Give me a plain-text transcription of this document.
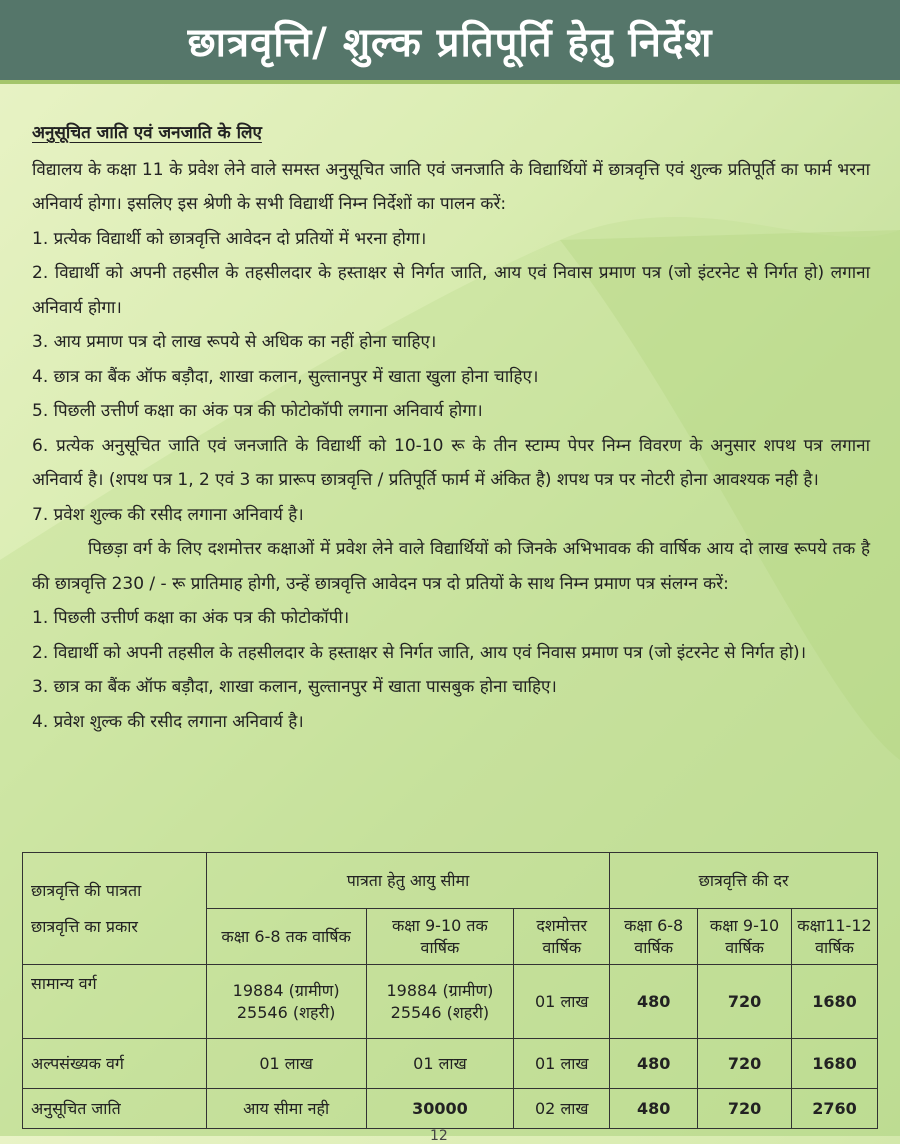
छात्रवृत्ति/ शुल्क प्रतिपूर्ति हेतु निर्देश

अनुसूचित जाति एवं जनजाति के लिए

विद्यालय के कक्षा 11 के प्रवेश लेने वाले समस्त अनुसूचित जाति एवं जनजाति के विद्यार्थियों में छात्रवृत्ति एवं शुल्क प्रतिपूर्ति का फार्म भरना अनिवार्य होगा। इसलिए इस श्रेणी के सभी विद्यार्थी निम्न निर्देशों का पालन करें:

1. प्रत्येक विद्यार्थी को छात्रवृत्ति आवेदन दो प्रतियों में भरना होगा।

2. विद्यार्थी को अपनी तहसील के तहसीलदार के हस्ताक्षर से निर्गत जाति, आय एवं निवास प्रमाण पत्र (जो इंटरनेट से निर्गत हो) लगाना अनिवार्य होगा।

3. आय प्रमाण पत्र दो लाख रूपये से अधिक का नहीं होना चाहिए।

4. छात्र का बैंक ऑफ बड़ौदा, शाखा कलान, सुल्तानपुर में खाता खुला होना चाहिए।

5. पिछली उत्तीर्ण कक्षा का अंक पत्र की फोटोकॉपी लगाना अनिवार्य होगा।

6. प्रत्येक अनुसूचित जाति एवं जनजाति के विद्यार्थी को 10-10 रू के तीन स्टाम्प पेपर निम्न विवरण के अनुसार शपथ पत्र लगाना अनिवार्य है। (शपथ पत्र 1, 2 एवं 3 का प्रारूप छात्रवृत्ति / प्रतिपूर्ति फार्म में अंकित है) शपथ पत्र पर नोटरी होना आवश्यक नही है।

7. प्रवेश शुल्क की रसीद लगाना अनिवार्य है।

पिछड़ा वर्ग के लिए दशमोत्तर कक्षाओं में प्रवेश लेने वाले विद्यार्थियों को जिनके अभिभावक की वार्षिक आय दो लाख रूपये तक है की छात्रवृत्ति 230 / - रू प्रातिमाह होगी, उन्हें छात्रवृत्ति आवेदन पत्र दो प्रतियों के साथ निम्न प्रमाण पत्र संलग्न करें:

1. पिछली उत्तीर्ण कक्षा का अंक पत्र की फोटोकॉपी।

2. विद्यार्थी को अपनी तहसील के तहसीलदार के हस्ताक्षर से निर्गत जाति, आय एवं निवास प्रमाण पत्र (जो इंटरनेट से निर्गत हो)।

3. छात्र का बैंक ऑफ बड़ौदा, शाखा कलान, सुल्तानपुर में खाता पासबुक होना चाहिए।

4. प्रवेश शुल्क की रसीद लगाना अनिवार्य है।

छात्रवृत्ति की पात्रता
छात्रवृत्ति का प्रकार	पात्रता हेतु आयु सीमा			छात्रवृत्ति की दर		
	कक्षा 6-8 तक वार्षिक	कक्षा 9-10 तक वार्षिक	दशमोत्तर वार्षिक	कक्षा 6-8 वार्षिक	कक्षा 9-10 वार्षिक	कक्षा11-12 वार्षिक
सामान्य वर्ग	19884 (ग्रामीण) 25546 (शहरी)	19884 (ग्रामीण) 25546 (शहरी)	01 लाख	480	720	1680
अल्पसंख्यक वर्ग	01 लाख	01 लाख	01 लाख	480	720	1680
अनुसूचित जाति	आय सीमा नही	30000	02 लाख	480	720	2760
12
